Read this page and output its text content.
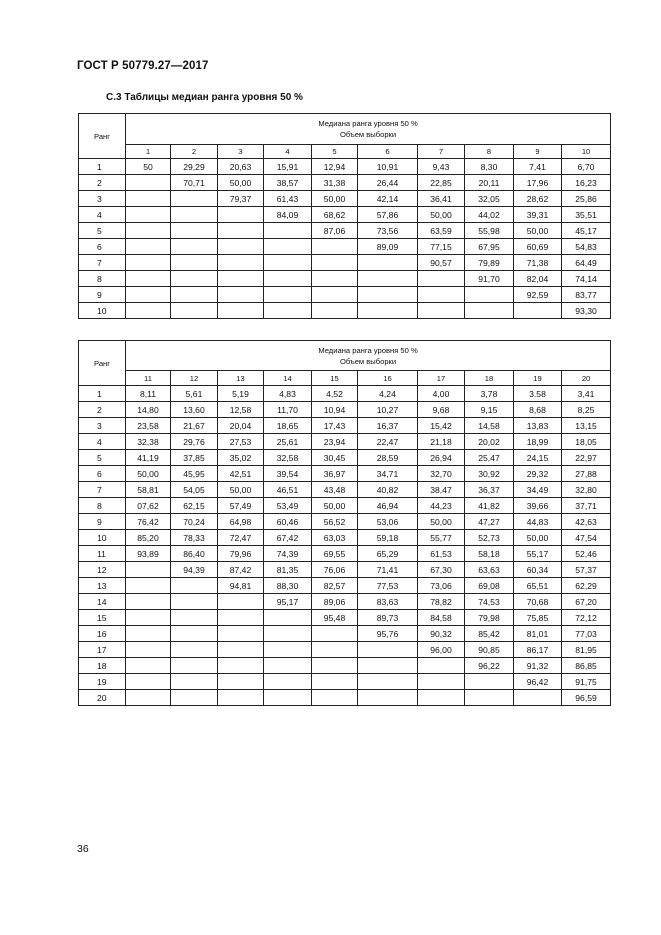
ГОСТ Р 50779.27—2017
С.3 Таблицы медиан ранга уровня 50 %
Ранг	Медиана ранга уровня 50 %
Объем выборки									

	1	2	3	4	5	6	7	8	9	10
1	50	29,29	20,63	15,91	12,94	10,91	9,43	8,30	7,41	6,70
2		70,71	50,00	38,57	31,38	26,44	22,85	20,11	17,96	16,23
3			79,37	61,43	50,00	42,14	36,41	32,05	28,62	25,86
4				84,09	68,62	57,86	50,00	44,02	39,31	35,51
5					87,06	73,56	63,59	55,98	50,00	45,17
6						89,09	77,15	67,95	60,69	54,83
7							90,57	79,89	71,38	64,49
8								91,70	82,04	74,14
9									92,59	83,77
10										93,30
Ранг	Медиана ранга уровня 50 %
Объем выборки									

	11	12	13	14	15	16	17	18	19	20
1	8,11	5,61	5,19	4,83	4,52	4,24	4,00	3,78	3.58	3,41
2	14,80	13,60	12,58	11,70	10,94	10,27	9,68	9,15	8,68	8,25
3	23,58	21,67	20,04	18,65	17,43	16,37	15,42	14,58	13,83	13,15
4	32,38	29,76	27,53	25,61	23,94	22,47	21,18	20,02	18,99	18,05
5	41,19	37,85	35,02	32,58	30,45	28,59	26,94	25,47	24,15	22,97
6	50,00	45,95	42,51	39,54	36,97	34,71	32,70	30,92	29,32	27,88
7	58,81	54,05	50,00	46,51	43,48	40,82	38,47	36,37	34,49	32,80
8	07,62	62,15	57,49	53,49	50,00	46,94	44,23	41,82	39,66	37,71
9	76,42	70,24	64,98	60,46	56,52	53,06	50,00	47,27	44,83	42,63
10	85,20	78,33	72,47	67,42	63,03	59,18	55,77	52,73	50,00	47,54
11	93,89	86,40	79,96	74,39	69,55	65,29	61,53	58,18	55,17	52,46
12		94,39	87,42	81,35	76,06	71,41	67,30	63,63	60,34	57,37
13			94,81	88,30	82,57	77,53	73,06	69,08	65,51	62,29
14				95,17	89,06	83,63	78,82	74,53	70,68	67,20
15					95,48	89,73	84,58	79,98	75,85	72,12
16						95,76	90,32	85,42	81,01	77,03
17							96,00	90,85	86,17	81,95
18								96,22	91,32	86,85
19									96,42	91,75
20										96,59
36
